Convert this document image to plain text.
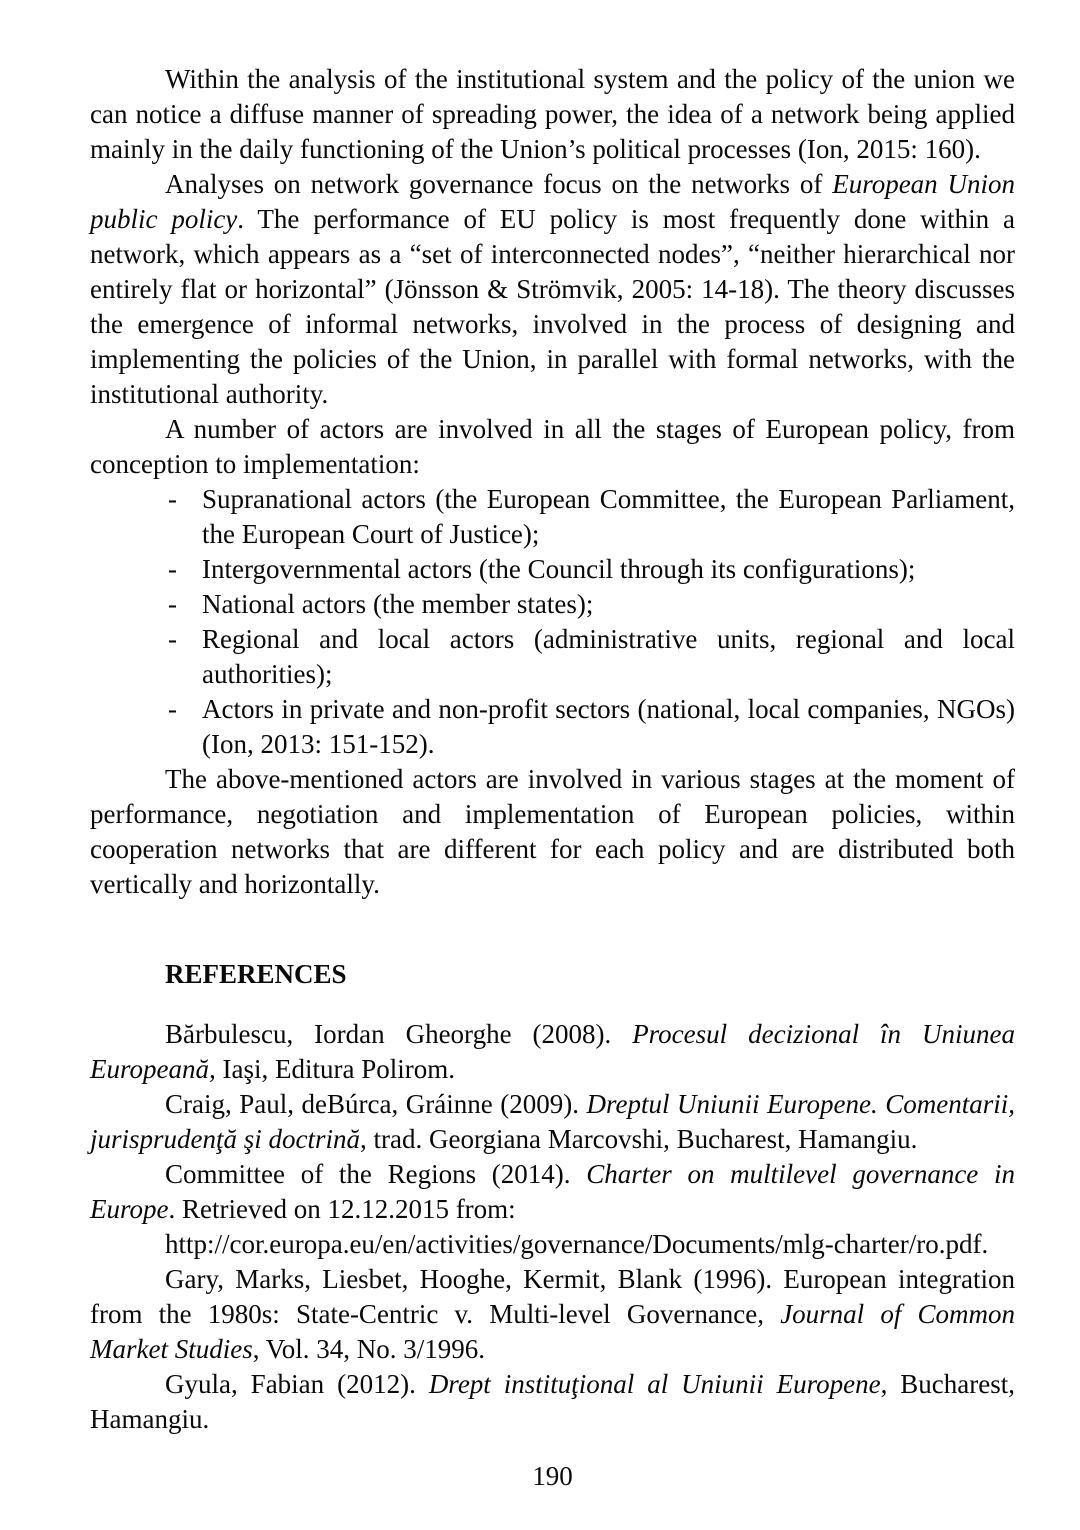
Within the analysis of the institutional system and the policy of the union we can notice a diffuse manner of spreading power, the idea of a network being applied mainly in the daily functioning of the Union’s political processes (Ion, 2015: 160).

Analyses on network governance focus on the networks of European Union public policy. The performance of EU policy is most frequently done within a network, which appears as a “set of interconnected nodes”, “neither hierarchical nor entirely flat or horizontal” (Jönsson & Strömvik, 2005: 14-18). The theory discusses the emergence of informal networks, involved in the process of designing and implementing the policies of the Union, in parallel with formal networks, with the institutional authority.

A number of actors are involved in all the stages of European policy, from conception to implementation:

- Supranational actors (the European Committee, the European Parliament, the European Court of Justice);
- Intergovernmental actors (the Council through its configurations);
- National actors (the member states);
- Regional and local actors (administrative units, regional and local authorities);
- Actors in private and non-profit sectors (national, local companies, NGOs) (Ion, 2013: 151-152).

The above-mentioned actors are involved in various stages at the moment of performance, negotiation and implementation of European policies, within cooperation networks that are different for each policy and are distributed both vertically and horizontally.

REFERENCES

Bărbulescu, Iordan Gheorghe (2008). Procesul decizional în Uniunea Europeană, Iaşi, Editura Polirom.

Craig, Paul, deBúrca, Gráinne (2009). Dreptul Uniunii Europene. Comentarii, jurisprudenţă şi doctrină, trad. Georgiana Marcovshi, Bucharest, Hamangiu.

Committee of the Regions (2014). Charter on multilevel governance in Europe. Retrieved on 12.12.2015 from:

http://cor.europa.eu/en/activities/governance/Documents/mlg-charter/ro.pdf.

Gary, Marks, Liesbet, Hooghe, Kermit, Blank (1996). European integration from the 1980s: State-Centric v. Multi-level Governance, Journal of Common Market Studies, Vol. 34, No. 3/1996.

Gyula, Fabian (2012). Drept instituţional al Uniunii Europene, Bucharest, Hamangiu.

190
